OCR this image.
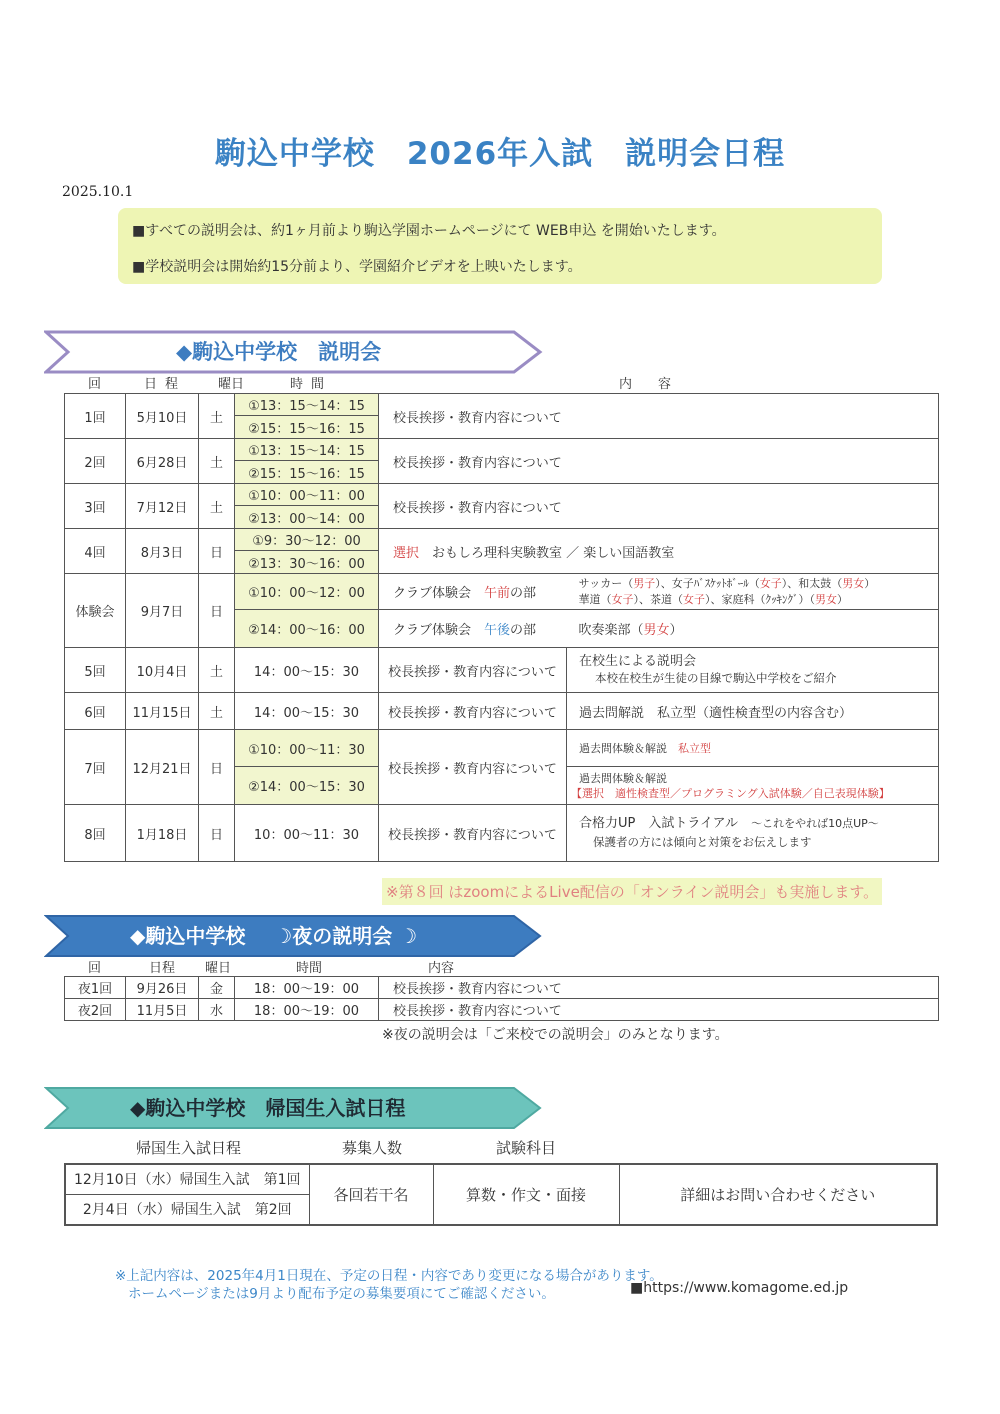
駒込中学校　2026年入試　説明会日程
2025.10.1
■すべての説明会は、約1ヶ月前より駒込学園ホームページにて WEB申込 を開始いたします。
■学校説明会は開始約15分前より、学園紹介ビデオを上映いたします。
◆駒込中学校　説明会
回	日程 曜日	時間	内　　容
1回	5月10日	土	①13：15～14：15	校長挨拶・教育内容について	
			②15：15～16：15		
2回	6月28日	土	①13：15～14：15	校長挨拶・教育内容について	
			②15：15～16：15		
3回	7月12日	土	①10：00～11：00	校長挨拶・教育内容について	
			②13：00～14：00		
4回	8月3日	日	①9：30～12：00	選択　 おもしろ理科実験教室 ／ 楽しい国語教室	
			②13：30～16：00		
体験会	9月7日	日	①10：00～12：00	クラブ体験会　 午前の部	サッカー（男子）、女子ﾊﾞｽｹｯﾄﾎﾞｰﾙ（女子）、和太鼓（男女）
華道（女子）、茶道（女子）、家庭科（ｸｯｷﾝｸﾞ）（男女）

			②14：00～16：00	クラブ体験会　 午後の部	吹奏楽部（男女）
5回	10月4日	土	14：00～15：30	校長挨拶・教育内容について	在校生による説明会
本校在校生が生徒の目線で駒込中学校をご紹介

6回	11月15日	土	14：00～15：30	校長挨拶・教育内容について	過去問解説　私立型（適性検査型の内容含む）
7回	12月21日	日	①10：00～11：30	校長挨拶・教育内容について	過去問体験＆解説　 私立型
			②14：00～15：30		過去問体験＆解説
【選択　適性検査型／プログラミング入試体験／自己表現体験】

8回	1月18日	日	10：00～11：30	校長挨拶・教育内容について	合格力UP　入試トライアル　 ～これをやれば10点UP～
保護者の方には傾向と対策をお伝えします
※第８回 はzoomによるLive配信の「オンライン説明会」も実施します。
◆駒込中学校 ☽夜の説明会 ☽
回	日程 曜日	時間	内容
夜1回	9月26日	金	18：00～19：00	校長挨拶・教育内容について
夜2回	11月5日	水	18：00～19：00	校長挨拶・教育内容について
※夜の説明会は「ご来校での説明会」のみとなります。
◆駒込中学校　帰国生入試日程
帰国生入試日程	募集人数	試験科目
12月10日（水）帰国生入試　第1回	各回若干名	算数・作文・面接	詳細はお問い合わせください
2月4日（水）帰国生入試　第2回
※上記内容は、2025年4月1日現在、予定の日程・内容であり変更になる場合があります。
ホームページまたは9月より配布予定の募集要項にてご確認ください。	■https://www.komagome.ed.jp
